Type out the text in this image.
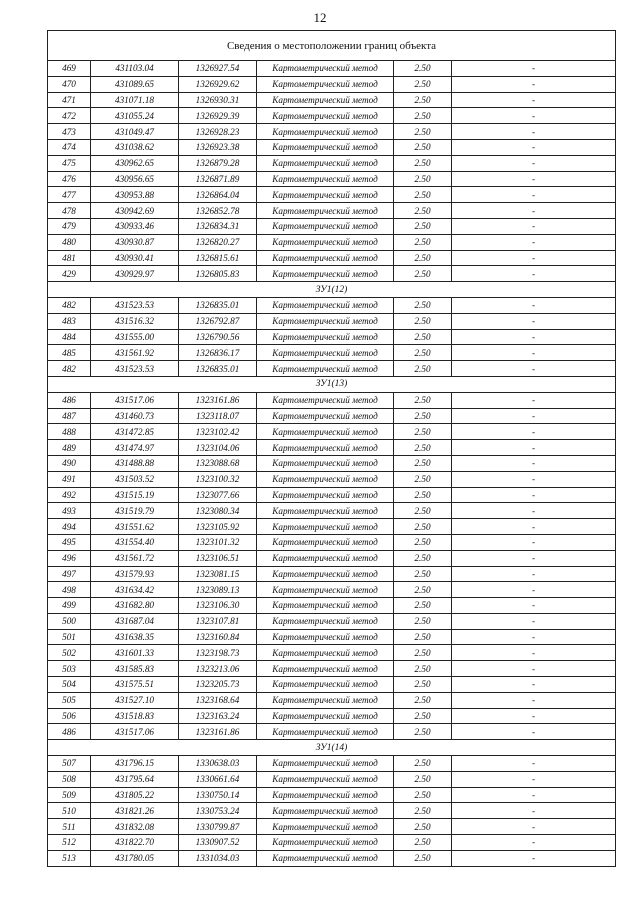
12
Сведения о местоположении границ объекта					
469	431103.04	1326927.54	Картометрический метод	2.50	-
470	431089.65	1326929.62	Картометрический метод	2.50	-
471	431071.18	1326930.31	Картометрический метод	2.50	-
472	431055.24	1326929.39	Картометрический метод	2.50	-
473	431049.47	1326928.23	Картометрический метод	2.50	-
474	431038.62	1326923.38	Картометрический метод	2.50	-
475	430962.65	1326879.28	Картометрический метод	2.50	-
476	430956.65	1326871.89	Картометрический метод	2.50	-
477	430953.88	1326864.04	Картометрический метод	2.50	-
478	430942.69	1326852.78	Картометрический метод	2.50	-
479	430933.46	1326834.31	Картометрический метод	2.50	-
480	430930.87	1326820.27	Картометрический метод	2.50	-
481	430930.41	1326815.61	Картометрический метод	2.50	-
429	430929.97	1326805.83	Картометрический метод	2.50	-
ЗУ1(12)					
482	431523.53	1326835.01	Картометрический метод	2.50	-
483	431516.32	1326792.87	Картометрический метод	2.50	-
484	431555.00	1326790.56	Картометрический метод	2.50	-
485	431561.92	1326836.17	Картометрический метод	2.50	-
482	431523.53	1326835.01	Картометрический метод	2.50	-
ЗУ1(13)					
486	431517.06	1323161.86	Картометрический метод	2.50	-
487	431460.73	1323118.07	Картометрический метод	2.50	-
488	431472.85	1323102.42	Картометрический метод	2.50	-
489	431474.97	1323104.06	Картометрический метод	2.50	-
490	431488.88	1323088.68	Картометрический метод	2.50	-
491	431503.52	1323100.32	Картометрический метод	2.50	-
492	431515.19	1323077.66	Картометрический метод	2.50	-
493	431519.79	1323080.34	Картометрический метод	2.50	-
494	431551.62	1323105.92	Картометрический метод	2.50	-
495	431554.40	1323101.32	Картометрический метод	2.50	-
496	431561.72	1323106.51	Картометрический метод	2.50	-
497	431579.93	1323081.15	Картометрический метод	2.50	-
498	431634.42	1323089.13	Картометрический метод	2.50	-
499	431682.80	1323106.30	Картометрический метод	2.50	-
500	431687.04	1323107.81	Картометрический метод	2.50	-
501	431638.35	1323160.84	Картометрический метод	2.50	-
502	431601.33	1323198.73	Картометрический метод	2.50	-
503	431585.83	1323213.06	Картометрический метод	2.50	-
504	431575.51	1323205.73	Картометрический метод	2.50	-
505	431527.10	1323168.64	Картометрический метод	2.50	-
506	431518.83	1323163.24	Картометрический метод	2.50	-
486	431517.06	1323161.86	Картометрический метод	2.50	-
ЗУ1(14)					
507	431796.15	1330638.03	Картометрический метод	2.50	-
508	431795.64	1330661.64	Картометрический метод	2.50	-
509	431805.22	1330750.14	Картометрический метод	2.50	-
510	431821.26	1330753.24	Картометрический метод	2.50	-
511	431832.08	1330799.87	Картометрический метод	2.50	-
512	431822.70	1330907.52	Картометрический метод	2.50	-
513	431780.05	1331034.03	Картометрический метод	2.50	-
